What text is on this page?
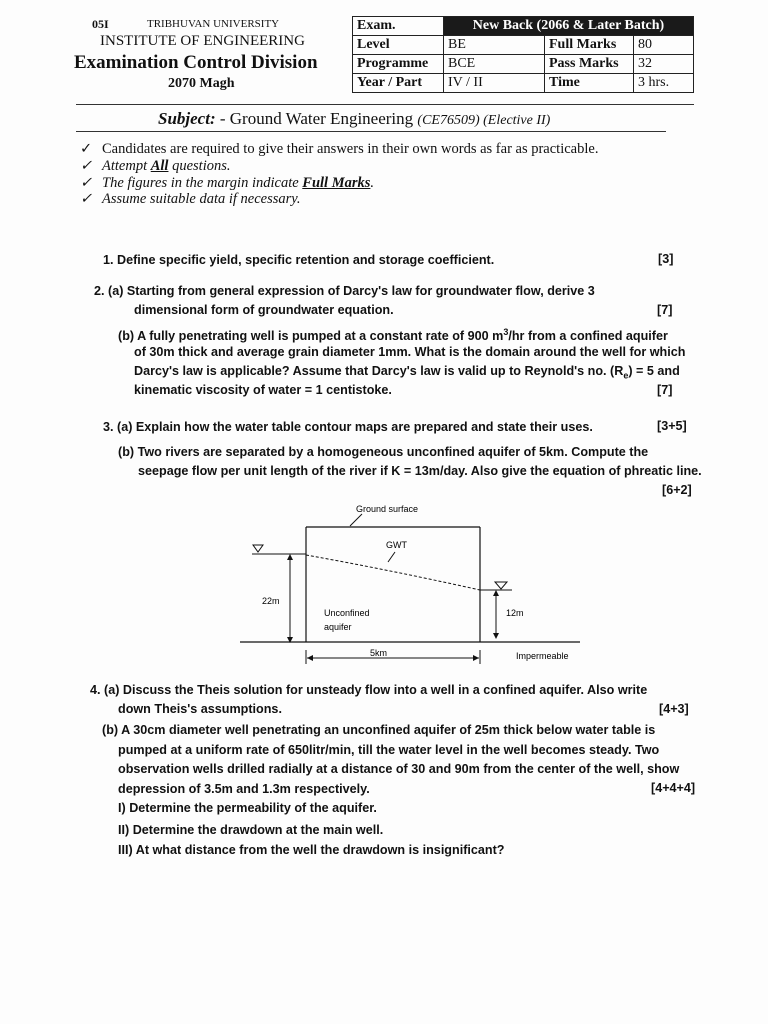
05I	TRIBHUVAN UNIVERSITY
INSTITUTE OF ENGINEERING
Examination Control Division
2070 Magh
Exam.	New Back (2066 & Later Batch)		
Level	BE	Full Marks	80
Programme	BCE	Pass Marks	32
Year / Part	IV / II	Time	3 hrs.
Subject: - Ground Water Engineering (CE76509) (Elective II)
✓ Candidates are required to give their answers in their own words as far as practicable.
✓ Attempt All questions.
✓ The figures in the margin indicate Full Marks.
✓ Assume suitable data if necessary.
1. Define specific yield, specific retention and storage coefficient.	[3]
2. (a) Starting from general expression of Darcy's law for groundwater flow, derive 3
dimensional form of groundwater equation.	[7]
(b) A fully penetrating well is pumped at a constant rate of 900 $m^3/hr$ from a confined aquifer
of 30m thick and average grain diameter 1mm. What is the domain around the well for which
Darcy's law is applicable? Assume that Darcy's law is valid up to Reynold's no. $(R_e) = 5$ and
kinematic viscosity of water = 1 centistoke.	[7]
3. (a) Explain how the water table contour maps are prepared and state their uses.	[3+5]
(b) Two rivers are separated by a homogeneous unconfined aquifer of 5km. Compute the
seepage flow per unit length of the river if K = 13m/day. Also give the equation of phreatic line.
[6+2]
Ground surface
GWT
22m
12m
Unconfined
aquifer
5km	Impermeable
4. (a) Discuss the Theis solution for unsteady flow into a well in a confined aquifer. Also write
down Theis's assumptions.	[4+3]
(b) A 30cm diameter well penetrating an unconfined aquifer of 25m thick below water table is
pumped at a uniform rate of 650litr/min, till the water level in the well becomes steady. Two
observation wells drilled radially at a distance of 30 and 90m from the center of the well, show
depression of 3.5m and 1.3m respectively.	[4+4+4]
I) Determine the permeability of the aquifer.
II) Determine the drawdown at the main well.
III) At what distance from the well the drawdown is insignificant?
